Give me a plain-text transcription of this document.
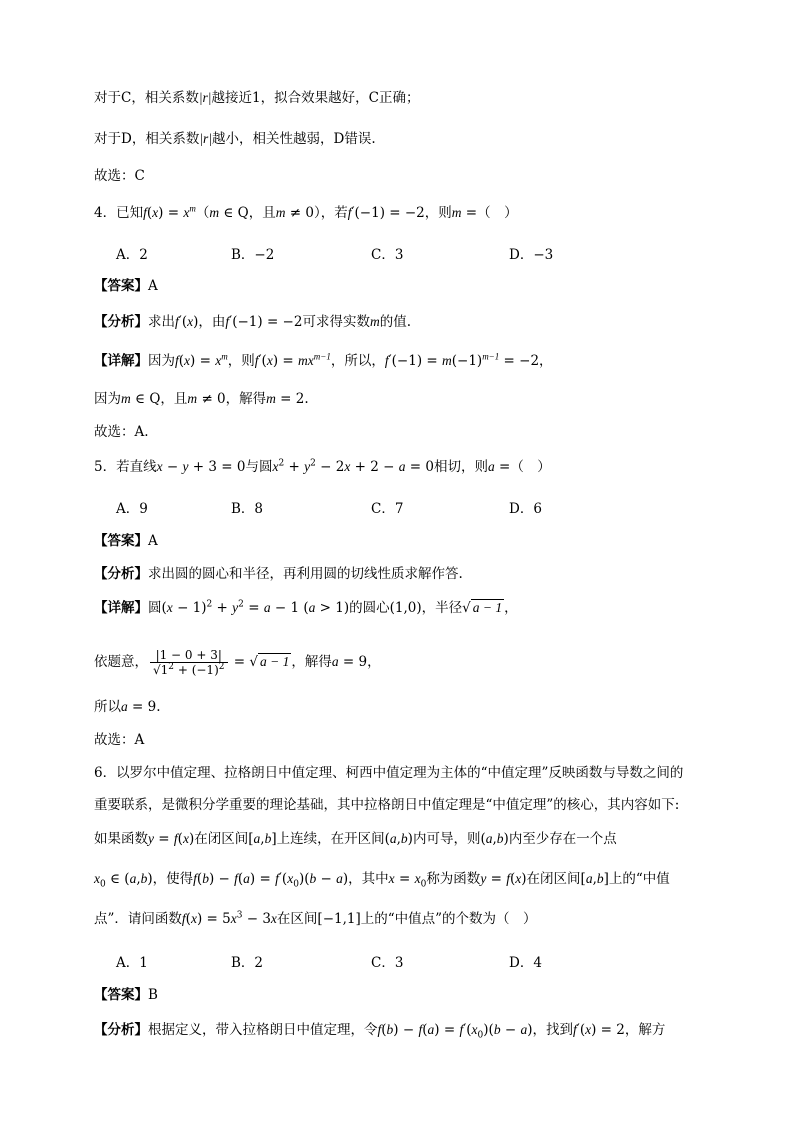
对于C，相关系数|r|越接近1，拟合效果越好，C正确；
对于D，相关系数|r|越小，相关性越弱，D错误.
故选：C
4．已知$f(x) = x^m(m$ ∈ Q，且m ≠ 0），若f′(−1) = −2，则m =（　）
A．2	B．−2	C．3	D．−3
【答案】A
【分析】求出f′(x)，由f′(−1) = −2可求得实数m的值.
【详解】因为$f(x) = x^m$，则$f'(x) = mx^{m-1}$，所以，$f'(-1) = m(-1)^{m-1} = -2$，
因为m ∈ Q，且m ≠ 0，解得m = 2.
故选：A.
5．若直线x − y + 3 = 0与圆$x^2 + y^2 - 2x + 2 - a = 0$相切，则a =（　）
A．9	B．8	C．7	D．6
【答案】A
【分析】求出圆的圆心和半径，再利用圆的切线性质求解作答.
【详解】圆$(x - 1)^2 + y^2 = a - 1$ (a > 1)的圆心(1,0)，半径√ a − 1 ，
依题意， $\frac{|1 - 0 + 3|}{√1^2 + (-1)^2}$ = √ a − 1 ，解得a = 9，
所以a = 9.
故选：A
6．以罗尔中值定理、拉格朗日中值定理、柯西中值定理为主体的“中值定理”反映函数与导数之间的
重要联系，是微积分学重要的理论基础，其中拉格朗日中值定理是“中值定理”的核心，其内容如下:
如果函数y = f(x)在闭区间[a,b]上连续，在开区间(a,b)内可导，则(a,b)内至少存在一个点
$x_0$ ∈ (a,b)，使得$f(b) - f(a) = f'(x_0)(b - a)$，其中$x = x_0$称为函数y = f(x)在闭区间[a,b]上的“中值
点”．请问函数$f(x) = 5x^3 - 3x$在区间[−1,1]上的“中值点”的个数为（　）
A．1	B．2	C．3	D．4
【答案】B
【分析】根据定义，带入拉格朗日中值定理，令$f(b) - f(a) = f'(x_0)(b - a)$，找到f′(x) = 2，解方
